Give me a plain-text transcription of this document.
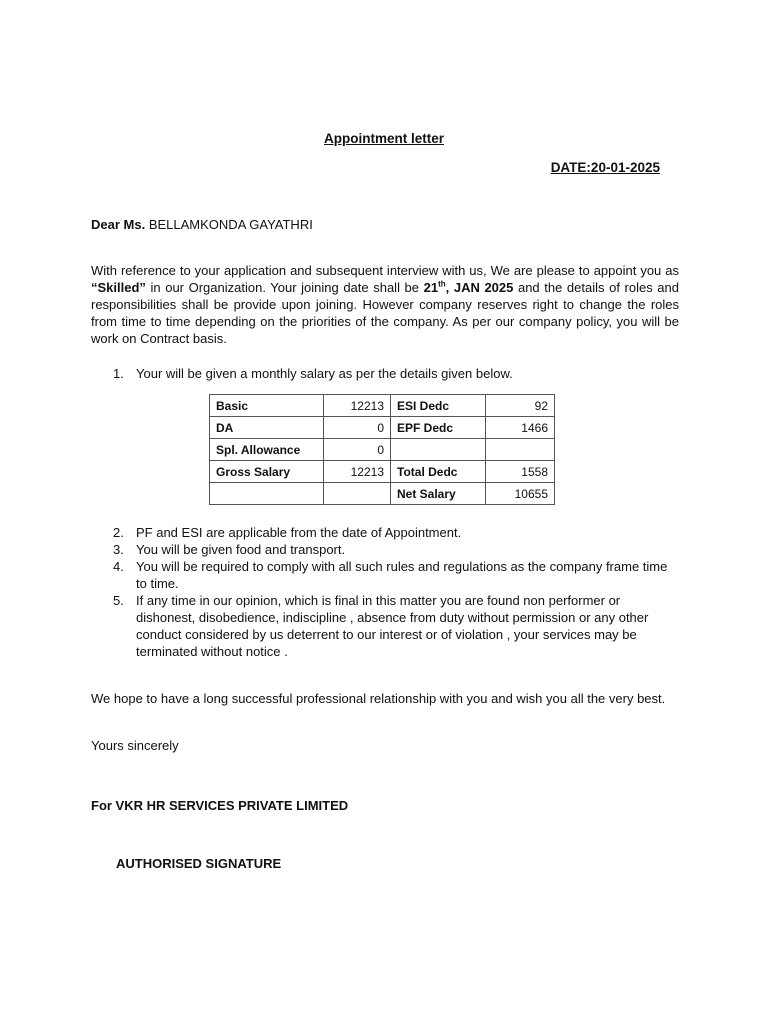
Appointment letter
DATE:20-01-2025
Dear Ms. BELLAMKONDA GAYATHRI
With reference to your application and subsequent interview with us, We are please to appoint you as “Skilled” in our Organization. Your joining date shall be 21th, JAN 2025 and the details of roles and responsibilities shall be provide upon joining. However company reserves right to change the roles from time to time depending on the priorities of the company. As per our company policy, you will be work on Contract basis.
1. Your will be given a monthly salary as per the details given below.
Basic	12213	ESI Dedc	92
DA	0	EPF Dedc	1466
Spl. Allowance	0		
Gross Salary	12213	Total Dedc	1558
		Net Salary	10655
2. PF and ESI are applicable from the date of Appointment.
3. You will be given food and transport.
4. You will be required to comply with all such rules and regulations as the company frame time to time.
5. If any time in our opinion, which is final in this matter you are found non performer or dishonest, disobedience, indiscipline , absence from duty without permission or any other conduct considered by us deterrent to our interest or of violation , your services may be terminated without notice .
We hope to have a long successful professional relationship with you and wish you all the very best.
Yours sincerely
For VKR HR SERVICES PRIVATE LIMITED
AUTHORISED SIGNATURE
